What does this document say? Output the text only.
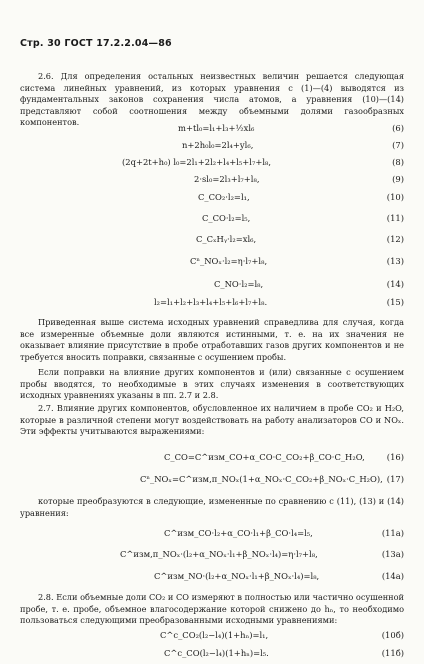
Стр. 30 ГОСТ 17.2.2.04—86

2.6. Для определения остальных неизвестных величин решается следующая система линейных уравнений, из которых уравнения с (1)—(4) выводятся из фундаментальных законов сохранения числа атомов, а уравнения (10)—(14) представляют собой соотношения между объемными долями газообразных компонентов.

m+tl₀=l₁+l₃+½xl₆	(6)
n+2h₀l₀=2l₄+yl₆,	(7)
(2q+2t+h₀) l₀=2l₁+2l₂+l₄+l₅+l₇+l₈,	(8)
2·sl₀=2l₃+l₇+l₈,	(9)
C_CO₂·l₂=l₁,	(10)
C_CO·l₂=l₅,	(11)
C_CₓHᵧ·l₂=xl₆,	(12)
Cⁿ_NOₓ·l₂=η·l₇+l₈,	(13)
C_NO·l₂=l₈,	(14)
l₂=l₁+l₂+l₃+l₄+l₅+l₆+l₇+l₈.	(15)

Приведенная выше система исходных уравнений справедлива для случая, когда все измеренные объемные доли являются истинными, т. е. на их значения не оказывает влияние присутствие в пробе отработавших газов других компонентов и не требуется вносить поправки, связанные с осушением пробы.

Если поправки на влияние других компонентов и (или) связанные с осушением пробы вводятся, то необходимые в этих случаях изменения в соответствующих исходных уравнениях указаны в пп. 2.7 и 2.8.

2.7. Влияние других компонентов, обусловленное их наличием в пробе CO₂ и H₂O, которые в различной степени могут воздействовать на работу анализаторов CO и NOₓ. Эти эффекты учитываются выражениями:

C_CO=C^изм_CO+α_CO·C_CO₂+β_CO·C_H₂O,	(16)
Cⁿ_NOₓ=C^изм,п_NOₓ(1+α_NOₓ·C_CO₂+β_NOₓ·C_H₂O), (17)

которые преобразуются в следующие, измененные по сравнению с (11), (13) и (14) уравнения:

C^изм_CO·l₂+α_CO·l₁+β_CO·l₄=l₅,	(11а)
C^изм,п_NOₓ·(l₂+α_NOₓ·l₁+β_NOₓ·l₄)=η·l₇+l₈,	(13а)
C^изм_NO·(l₂+α_NOₓ·l₁+β_NOₓ·l₄)=l₈,	(14а)

2.8. Если объемные доли CO₂ и CO измеряют в полностью или частично осушенной пробе, т. е. пробе, объемное влагосодержание которой снижено до hₙ, то необходимо пользоваться следующими преобразованными исходными уравнениями:

C^с_CO₂(l₂−l₄)(1+hₙ)=l₁,	(10б)
C^с_CO(l₂−l₄)(1+hₙ)=l₅.	(11б)
